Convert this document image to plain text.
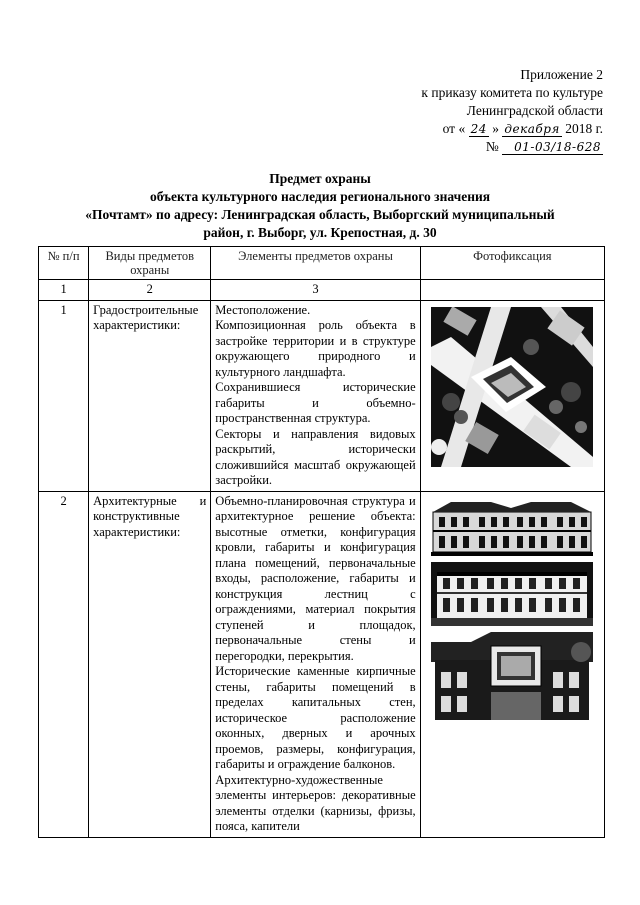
Приложение 2
к приказу комитета по культуре
Ленинградской области
от « 24 » декабря 2018 г.
№ 01-03/18-628
Предмет охраны
объекта культурного наследия регионального значения
«Почтамт» по адресу: Ленинградская область, Выборгский муниципальный
район, г. Выборг, ул. Крепостная, д. 30
№ п/п	Виды предметов охраны	Элементы предметов охраны	Фотофиксация
1	2	3	
1	Градостроительные характеристики:	Местоположение.
Композиционная роль объекта в застройке территории и в структуре окружающего природного и культурного ландшафта.
Сохранившиеся исторические габариты и объемно-пространственная структура.
Секторы и направления видовых раскрытий, исторически сложившийся масштаб окружающей застройки.

2	Архитектурные и конструктивные характеристики:	Объемно-планировочная структура и архитектурное решение объекта: высотные отметки, конфигурация кровли, габариты и конфигурация плана помещений, первоначальные входы, расположение, габариты и конструкция лестниц с ограждениями, материал покрытия ступеней и площадок, первоначальные стены и перегородки, перекрытия.
Исторические каменные кирпичные стены, габариты помещений в пределах капитальных стен, историческое расположение оконных, дверных и арочных проемов, размеры, конфигурация, габариты и ограждение балконов.
Архитектурно-художественные элементы интерьеров: декоративные элементы отделки (карнизы, фризы, пояса, капители
